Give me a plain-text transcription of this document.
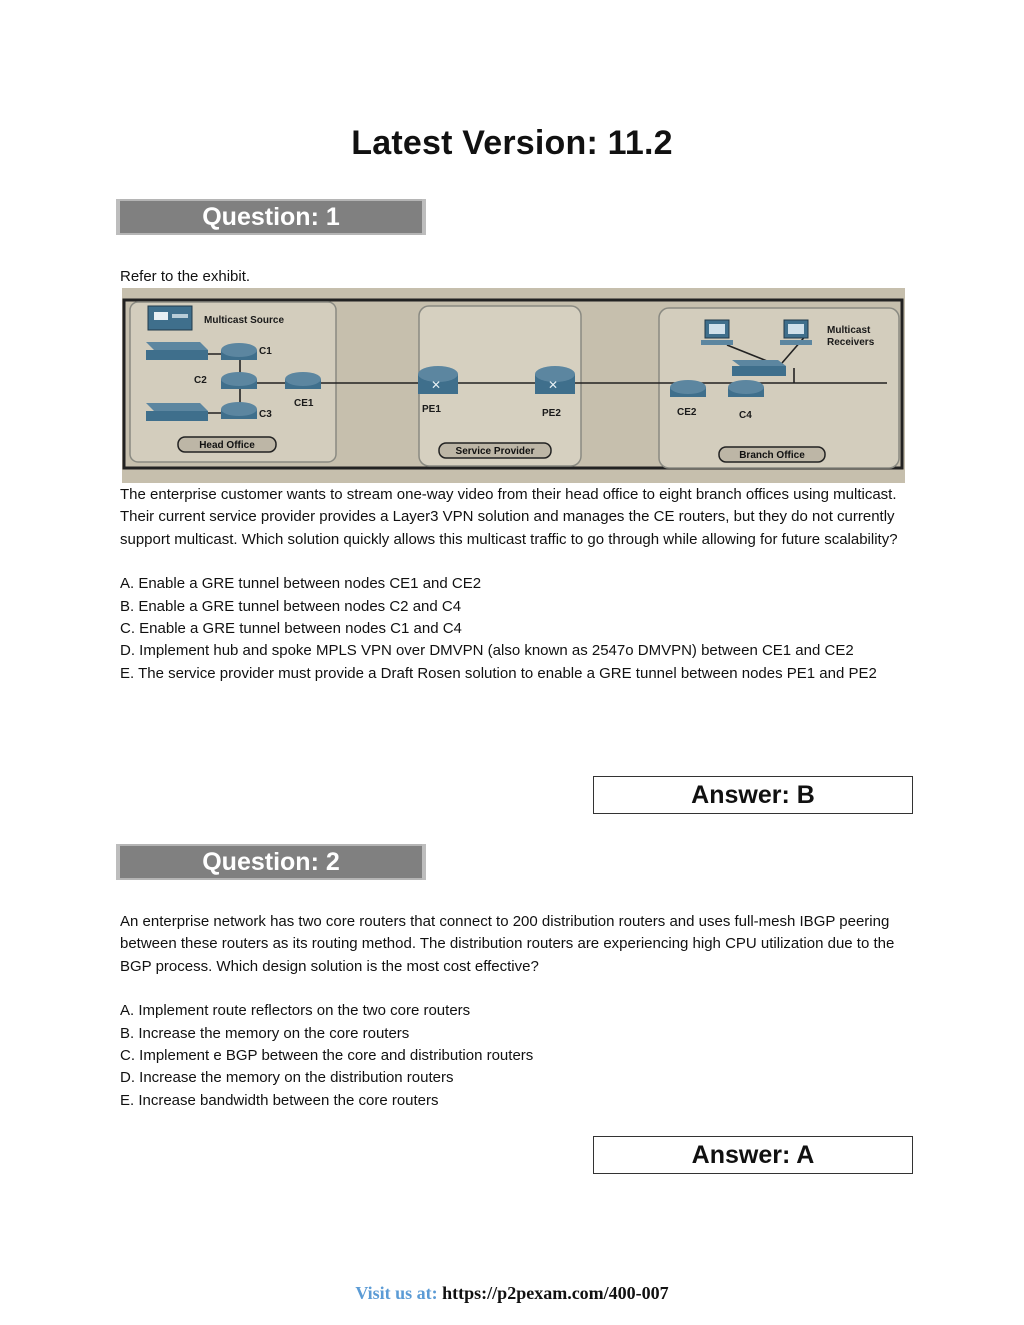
Latest Version: 11.2
Question: 1
Refer to the exhibit.
Multicast Source
C1
C2
C3
CE1
✕
PE1
✕
PE2	CE2	C4
Multicast
Receivers
Head Office
Service Provider	Branch Office

The enterprise customer wants to stream one-way video from their head office to eight branch offices using multicast. Their current service provider provides a Layer3 VPN solution and manages the CE routers, but they do not currently support multicast. Which solution quickly allows this multicast traffic to go through while allowing for future scalability?

A. Enable a GRE tunnel between nodes CE1 and CE2

B. Enable a GRE tunnel between nodes C2 and C4

C. Enable a GRE tunnel between nodes C1 and C4

D. Implement hub and spoke MPLS VPN over DMVPN (also known as 2547o DMVPN) between CE1 and CE2

E. The service provider must provide a Draft Rosen solution to enable a GRE tunnel between nodes PE1 and PE2

Answer: B
Question: 2

An enterprise network has two core routers that connect to 200 distribution routers and uses full-mesh IBGP peering between these routers as its routing method. The distribution routers are experiencing high CPU utilization due to the BGP process. Which design solution is the most cost effective?

A. Implement route reflectors on the two core routers

B. Increase the memory on the core routers

C. Implement e BGP between the core and distribution routers

D. Increase the memory on the distribution routers

E. Increase bandwidth between the core routers

Answer: A
Visit us at: https://p2pexam.com/400-007
